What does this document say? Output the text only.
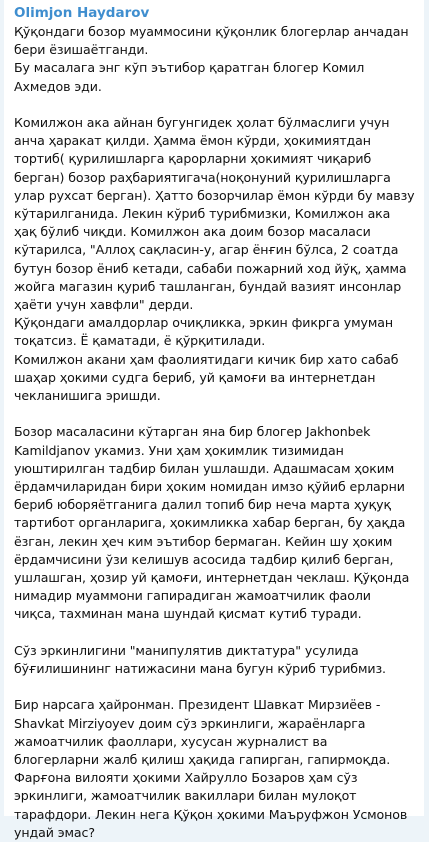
Olimjon Haydarov

Қўқондаги бозор муаммосини қўқонлик блогерлар анчадан бери ёзишаётганди.

Бу масалага энг кўп эътибор қаратган блогер Комил Ахмедов эди.

Комилжон ака айнан бугунгидек ҳолат бўлмаслиги учун анча ҳаракат қилди. Ҳамма ёмон кўрди, ҳокимиятдан тортиб( қурилишларга қарорларни ҳокимият чиқариб берган) бозор раҳбариятигача(ноқонуний қурилишларга улар рухсат берган). Ҳатто бозорчилар ёмон кўрди бу мавзу кўтарилганида. Лекин кўриб турибмизки, Комилжон ака ҳақ бўлиб чиқди. Комилжон ака доим бозор масаласи кўтарилса, "Аллоҳ сақласин-у, агар ёнғин бўлса, 2 соатда бутун бозор ёниб кетади, сабаби пожарний ход йўқ, ҳамма жойга магазин қуриб ташланган, бундай вазият инсонлар ҳаёти учун хавфли" дерди.

Қўқондаги амалдорлар очиқликка, эркин фикрга умуман тоқатсиз. Ё қаматади, ё қўрқитилади.

Комилжон акани ҳам фаолиятидаги кичик бир хато сабаб шаҳар ҳокими судга бериб, уй қамоғи ва интернетдан чекланишига эришди.

Бозор масаласини кўтарган яна бир блогер Jakhonbek Kamildjanov укамиз. Уни ҳам ҳокимлик тизимидан уюштирилган тадбир билан ушлашди. Адашмасам ҳоким ёрдамчиларидан бири ҳоким номидан имзо қўйиб ерларни бериб юборяётганига далил топиб бир неча марта ҳуқуқ тартибот органларига, ҳокимликка хабар берган, бу ҳақда ёзган, лекин ҳеч ким эътибор бермаган. Кейин шу ҳоким ёрдамчисини ўзи келишув асосида тадбир қилиб берган, ушлашган, ҳозир уй қамоғи, интернетдан чеклаш. Қўқонда нимадир муаммони гапирадиган жамоатчилик фаоли чиқса, тахминан мана шундай қисмат кутиб туради.

Сўз эркинлигини "манипулятив диктатура" усулида бўғилишининг натижасини мана бугун кўриб турибмиз.

Бир нарсага ҳайронман. Президент Шавкат Мирзиёев - Shavkat Mirziyoyev доим сўз эркинлиги, жараёнларга жамоатчилик фаоллари, хусусан журналист ва блогерларни жалб қилиш ҳақида гапирган, гапирмоқда. Фарғона вилояти ҳокими Хайрулло Бозаров ҳам сўз эркинлиги, жамоатчилик вакиллари билан мулоқот тарафдори. Лекин нега Қўқон ҳокими Маъруфжон Усмонов ундай эмас?
